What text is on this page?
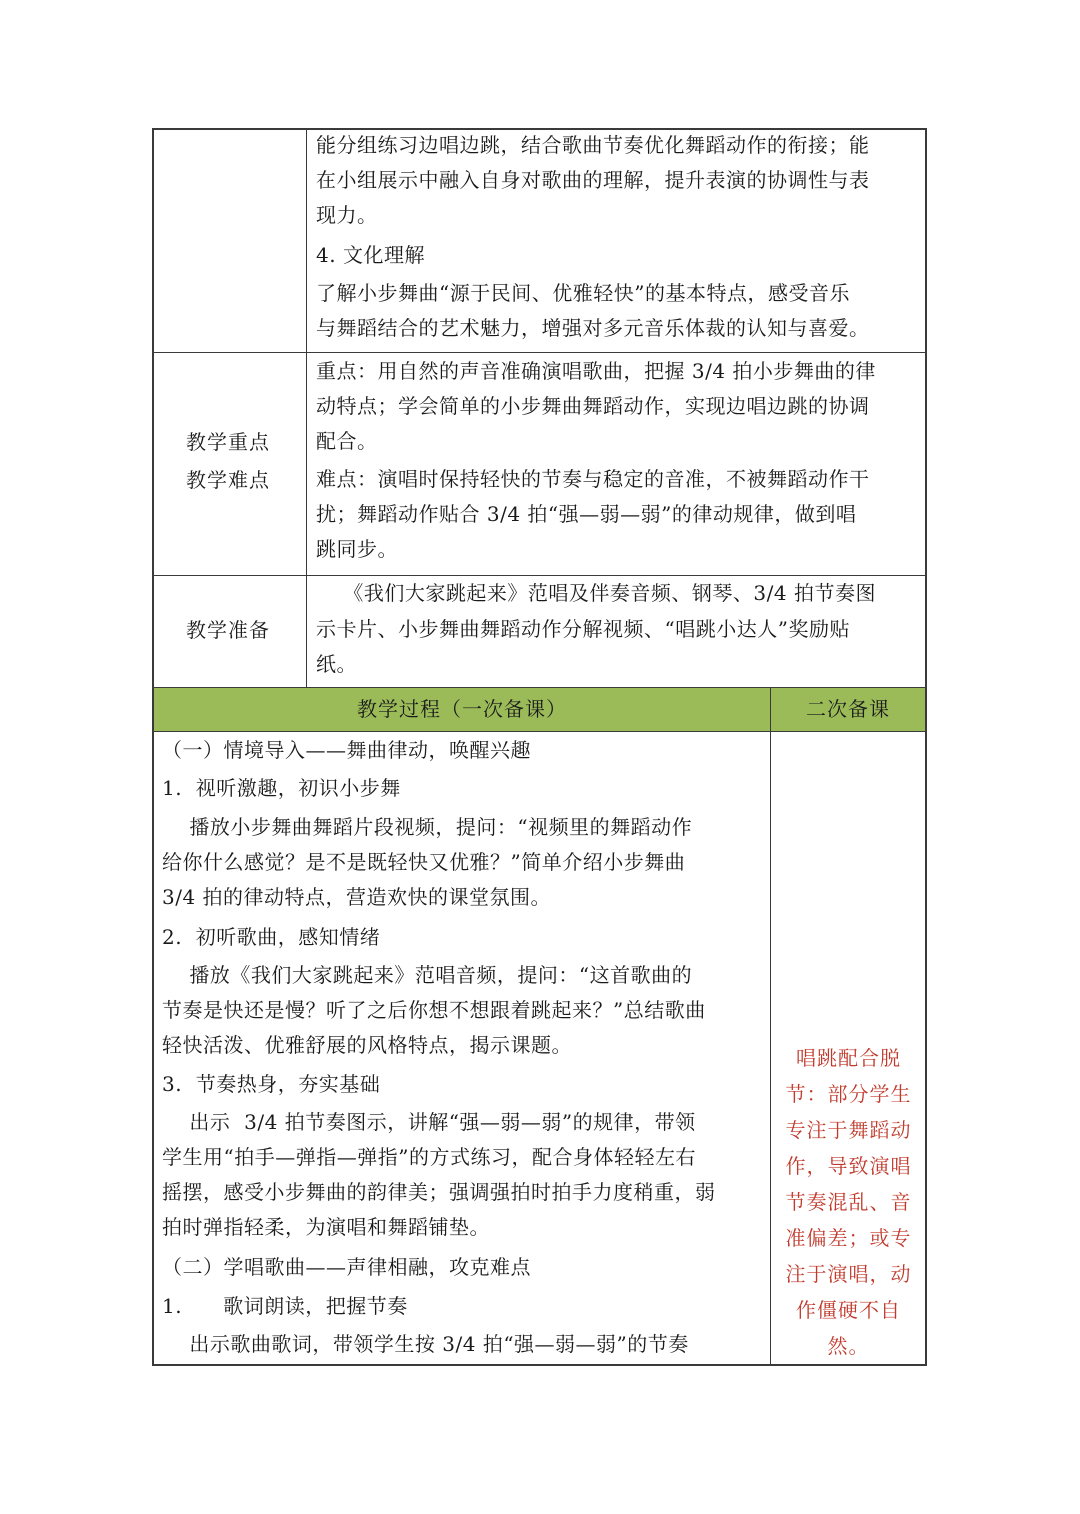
能分组练习边唱边跳，结合歌曲节奏优化舞蹈动作的衔接；能
在小组展示中融入自身对歌曲的理解，提升表演的协调性与表
现力。
4. 文化理解
了解小步舞曲“源于民间、优雅轻快”的基本特点，感受音乐
与舞蹈结合的艺术魅力，增强对多元音乐体裁的认知与喜爱。
教学重点
教学难点
重点：用自然的声音准确演唱歌曲，把握 3/4 拍小步舞曲的律
动特点；学会简单的小步舞曲舞蹈动作，实现边唱边跳的协调
配合。
难点：演唱时保持轻快的节奏与稳定的音准，不被舞蹈动作干
扰；舞蹈动作贴合 3/4 拍“强—弱—弱”的律动规律，做到唱
跳同步。
教学准备
《我们大家跳起来》范唱及伴奏音频、钢琴、3/4 拍节奏图
示卡片、小步舞曲舞蹈动作分解视频、“唱跳小达人”奖励贴
纸。
教学过程（一次备课）	二次备课
（一）情境导入——舞曲律动，唤醒兴趣
1.  视听激趣，初识小步舞
播放小步舞曲舞蹈片段视频，提问：“视频里的舞蹈动作
给你什么感觉？是不是既轻快又优雅？”简单介绍小步舞曲
3/4 拍的律动特点，营造欢快的课堂氛围。
2.  初听歌曲，感知情绪
播放《我们大家跳起来》范唱音频，提问：“这首歌曲的
节奏是快还是慢？听了之后你想不想跟着跳起来？”总结歌曲
轻快活泼、优雅舒展的风格特点，揭示课题。
3.  节奏热身，夯实基础
出示  3/4 拍节奏图示，讲解“强—弱—弱”的规律，带领
学生用“拍手—弹指—弹指”的方式练习，配合身体轻轻左右
摇摆，感受小步舞曲的韵律美；强调强拍时拍手力度稍重，弱
拍时弹指轻柔，为演唱和舞蹈铺垫。
（二）学唱歌曲——声律相融，攻克难点
1.      歌词朗读，把握节奏
出示歌曲歌词，带领学生按 3/4 拍“强—弱—弱”的节奏
唱跳配合脱
节：部分学生
专注于舞蹈动
作，导致演唱
节奏混乱、音
准偏差；或专
注于演唱，动
作僵硬不自
然。
